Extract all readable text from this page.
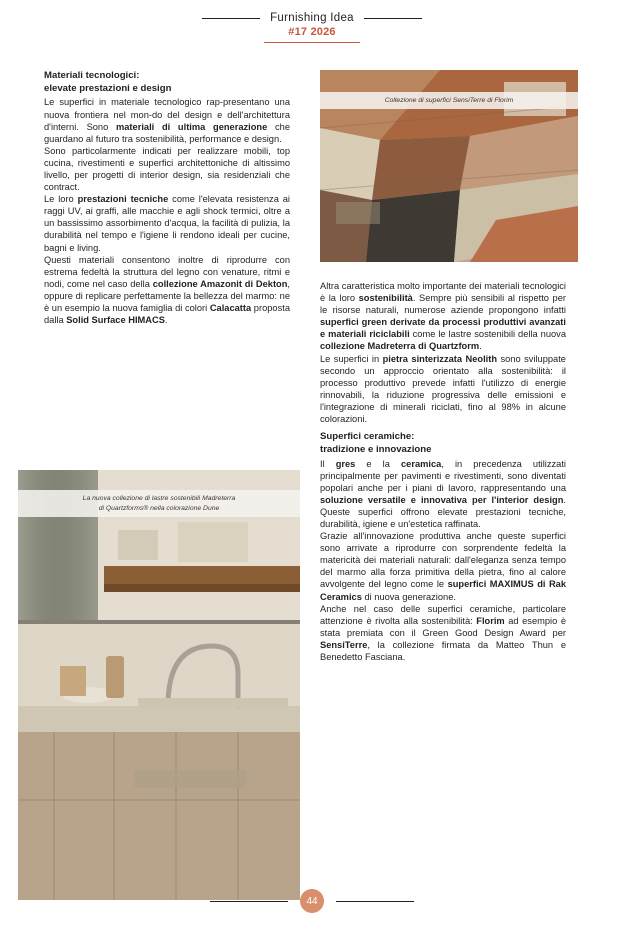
Furnishing Idea
#17 2026
Materiali tecnologici:
elevate prestazioni e design

Le superfici in materiale tecnologico rap-presentano una nuova frontiera nel mon-do del design e dell'architettura d'interni. Sono materiali di ultima generazione che guardano al futuro tra sostenibilità, performance e design.

Sono particolarmente indicati per realizzare mobili, top cucina, rivestimenti e superfici architettoniche di altissimo livello, per progetti di interior design, sia residenziali che contract.

Le loro prestazioni tecniche come l'elevata resistenza ai raggi UV, ai graffi, alle macchie e agli shock termici, oltre a un bassissimo assorbimento d'acqua, la facilità di pulizia, la durabilità nel tempo e l'igiene li rendono ideali per cucine, bagni e living.

Questi materiali consentono inoltre di riprodurre con estrema fedeltà la struttura del legno con venature, ritmi e nodi, come nel caso della collezione Amazonit di Dekton, oppure di replicare perfettamente la bellezza del marmo: ne è un esempio la nuova famiglia di colori Calacatta proposta dalla Solid Surface HIMACS.

Altra caratteristica molto importante dei materiali tecnologici è la loro sostenibilità. Sempre più sensibili al rispetto per le risorse naturali, numerose aziende propongono infatti superfici green derivate da processi produttivi avanzati e materiali riciclabili come le lastre sostenibili della nuova collezione Madreterra di Quartzform.

Le superfici in pietra sinterizzata Neolith sono sviluppate secondo un approccio orientato alla sostenibilità: il processo produttivo prevede infatti l'utilizzo di energie rinnovabili, la riduzione progressiva delle emissioni e l'integrazione di minerali riciclati, fino al 98% in alcune colorazioni.

Superfici ceramiche:
tradizione e innovazione

Il gres e la ceramica, in precedenza utilizzati principalmente per pavimenti e rivestimenti, sono diventati popolari anche per i piani di lavoro, rappresentando una soluzione versatile e innovativa per l'interior design. Queste superfici offrono elevate prestazioni tecniche, durabilità, igiene e un'estetica raffinata.

Grazie all'innovazione produttiva anche queste superfici sono arrivate a riprodurre con sorprendente fedeltà la matericità dei materiali naturali: dall'eleganza senza tempo del marmo alla forza primitiva della pietra, fino al calore avvolgente del legno come le superfici MAXIMUS di Rak Ceramics di nuova generazione.

Anche nel caso delle superfici ceramiche, particolare attenzione è rivolta alla sostenibilità: Florim ad esempio è stata premiata con il Green Good Design Award per SensiTerre, la collezione firmata da Matteo Thun e Benedetto Fasciana.

Collezione di superfici SensiTerre di Florim
La nuova collezione di lastre sostenibili Madreterra
di Quartzforms® nella colorazione Dune
44
